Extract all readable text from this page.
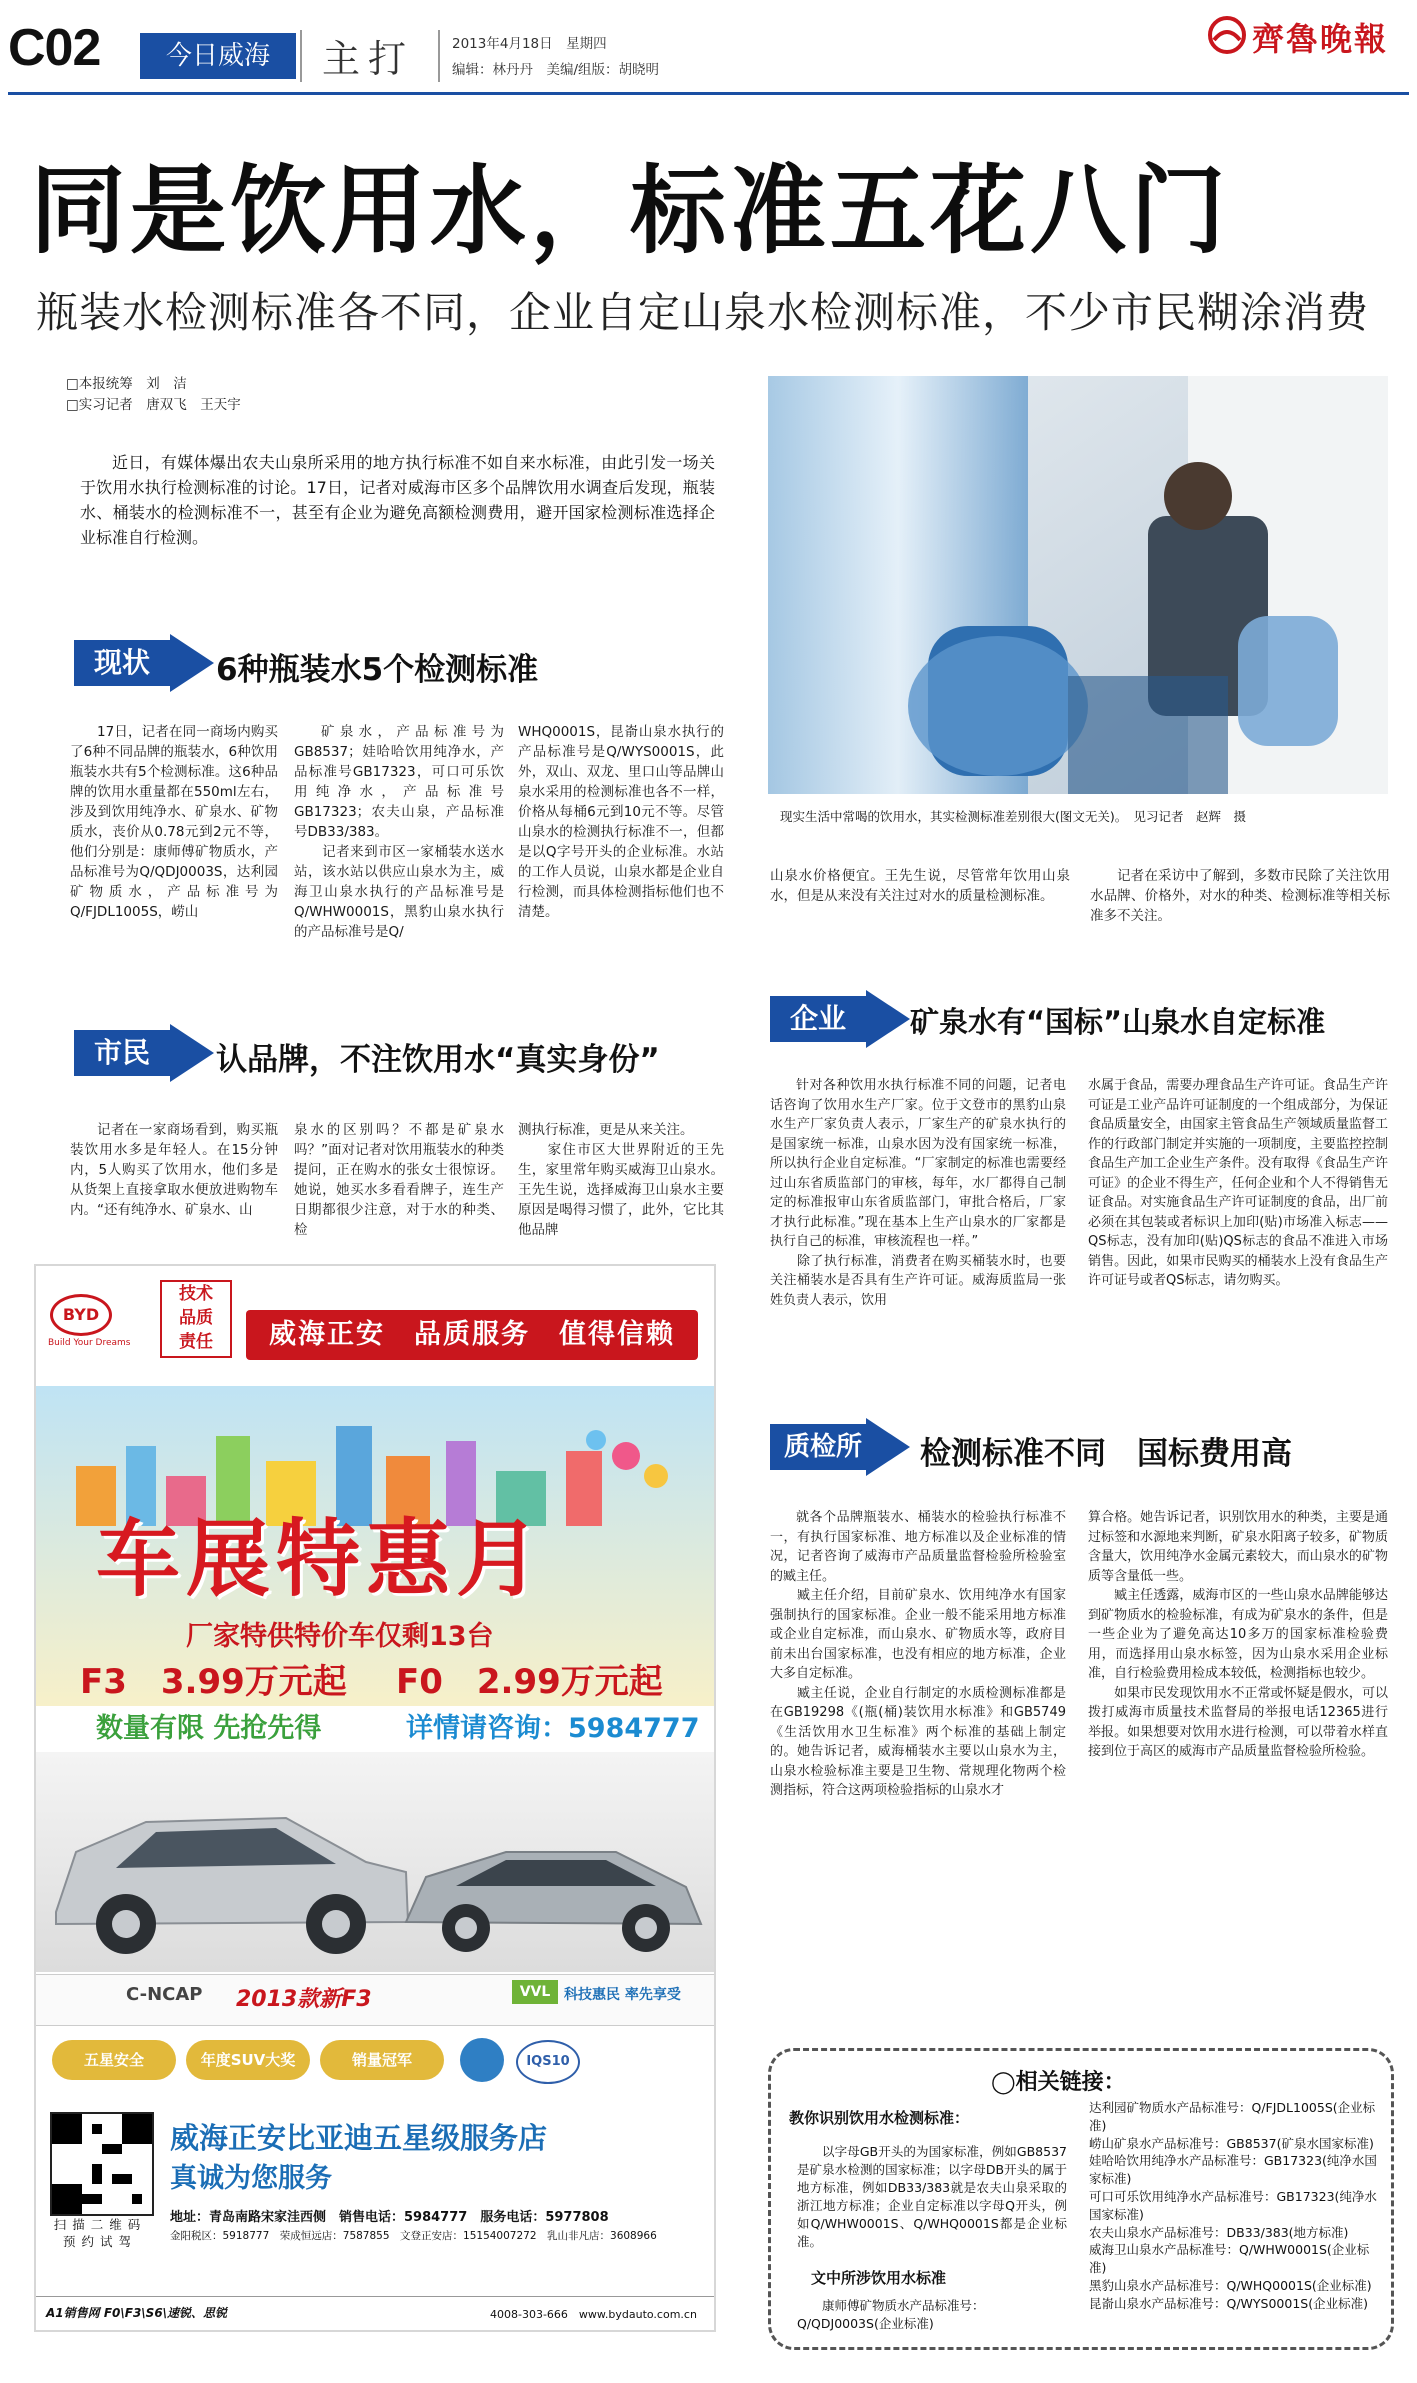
C02	今日威海	主打	2013年4月18日　星期四
编辑：林丹丹　美编/组版：胡晓明
齊魯晚報
同是饮用水，标准五花八门
瓶装水检测标准各不同，企业自定山泉水检测标准，不少市民糊涂消费
□本报统筹　刘　洁
□实习记者　唐双飞　王天宇
近日，有媒体爆出农夫山泉所采用的地方执行标准不如自来水标准，由此引发一场关于饮用水执行检测标准的讨论。17日，记者对威海市区多个品牌饮用水调查后发现，瓶装水、桶装水的检测标准不一，甚至有企业为避免高额检测费用，避开国家检测标准选择企业标准自行检测。
现实生活中常喝的饮用水，其实检测标准差别很大(图文无关)。　见习记者　赵辉　摄
现状 6种瓶装水5个检测标准
17日，记者在同一商场内购买了6种不同品牌的瓶装水，6种饮用瓶装水共有5个检测标准。这6种品牌的饮用水重量都在550ml左右，涉及到饮用纯净水、矿泉水、矿物质水，丧价从0.78元到2元不等，他们分别是：康师傅矿物质水，产品标准号为Q/QDJ0003S，达利园矿物质水，产品标准号为Q/FJDL1005S，崂山
矿泉水，产品标准号为GB8537；娃哈哈饮用纯净水，产品标准号GB17323，可口可乐饮用纯净水，产品标准号GB17323；农夫山泉，产品标准号DB33/383。
　　记者来到市区一家桶装水送水站，该水站以供应山泉水为主，威海卫山泉水执行的产品标准号是Q/WHW0001S，黑豹山泉水执行的产品标准号是Q/
WHQ0001S，昆嵛山泉水执行的产品标准号是Q/WYS0001S，此外，双山、双龙、里口山等品牌山泉水采用的检测标准也各不一样，价格从每桶6元到10元不等。尽管山泉水的检测执行标准不一，但都是以Q字号开头的企业标准。水站的工作人员说，山泉水都是企业自行检测，而具体检测指标他们也不清楚。
市民 认品牌，不注饮用水“真实身份”
记者在一家商场看到，购买瓶装饮用水多是年轻人。在15分钟内，5人购买了饮用水，他们多是从货架上直接拿取水便放进购物车内。“还有纯净水、矿泉水、山
泉水的区别吗？不都是矿泉水吗？”面对记者对饮用瓶装水的种类提问，正在购水的张女士很惊讶。她说，她买水多看看牌子，连生产日期都很少注意，对于水的种类、检
测执行标准，更是从来关注。
　　家住市区大世界附近的王先生，家里常年购买威海卫山泉水。王先生说，选择威海卫山泉水主要原因是喝得习惯了，此外，它比其他品牌
山泉水价格便宜。王先生说，尽管常年饮用山泉水，但是从来没有关注过对水的质量检测标准。
记者在采访中了解到，多数市民除了关注饮用水品牌、价格外，对水的种类、检测标准等相关标准多不关注。
企业 矿泉水有“国标”山泉水自定标准
针对各种饮用水执行标准不同的问题，记者电话咨询了饮用水生产厂家。位于文登市的黑豹山泉水生产厂家负责人表示，厂家生产的矿泉水执行的是国家统一标准，山泉水因为没有国家统一标准，所以执行企业自定标准。“厂家制定的标准也需要经过山东省质监部门的审核，每年，水厂都得自己制定的标准报审山东省质监部门，审批合格后，厂家才执行此标准。”现在基本上生产山泉水的厂家都是执行自己的标准，审核流程也一样。”
　　除了执行标准，消费者在购买桶装水时，也要关注桶装水是否具有生产许可证。威海质监局一张姓负责人表示，饮用
水属于食品，需要办理食品生产许可证。食品生产许可证是工业产品许可证制度的一个组成部分，为保证食品质量安全，由国家主管食品生产领域质量监督工作的行政部门制定并实施的一项制度，主要监控控制食品生产加工企业生产条件。没有取得《食品生产许可证》的企业不得生产，任何企业和个人不得销售无证食品。对实施食品生产许可证制度的食品，出厂前必须在其包装或者标识上加印(贴)市场准入标志——QS标志，没有加印(贴)QS标志的食品不准进入市场销售。因此，如果市民购买的桶装水上没有食品生产许可证号或者QS标志，请勿购买。
质检所 检测标准不同　国标费用高
就各个品牌瓶装水、桶装水的检验执行标准不一，有执行国家标准、地方标准以及企业标准的情况，记者咨询了威海市产品质量监督检验所检验室的臧主任。
　　臧主任介绍，目前矿泉水、饮用纯净水有国家强制执行的国家标准。企业一般不能采用地方标准或企业自定标准，而山泉水、矿物质水等，政府目前未出台国家标准，也没有相应的地方标准，企业大多自定标准。
　　臧主任说，企业自行制定的水质检测标准都是在GB19298《(瓶(桶)装饮用水标准》和GB5749《生活饮用水卫生标准》两个标准的基础上制定的。她告诉记者，威海桶装水主要以山泉水为主，山泉水检验标准主要是卫生物、常规理化物两个检测指标，符合这两项检验指标的山泉水才
算合格。她告诉记者，识别饮用水的种类，主要是通过标签和水源地来判断，矿泉水阳离子较多，矿物质含量大，饮用纯净水金属元素较大，而山泉水的矿物质等含量低一些。
　　臧主任透露，威海市区的一些山泉水品牌能够达到矿物质水的检验标准，有成为矿泉水的条件，但是一些企业为了避免高达10多万的国家标准检验费用，而选择用山泉水标签，因为山泉水采用企业标准，自行检验费用检成本较低，检测指标也较少。
　　如果市民发现饮用水不正常或怀疑是假水，可以拨打威海市质量技术监督局的举报电话12365进行举报。如果想要对饮用水进行检测，可以带着水样直接到位于高区的威海市产品质量监督检验所检验。
◯相关链接：
教你识别饮用水检测标准：
以字母GB开头的为国家标准，例如GB8537是矿泉水检测的国家标准；以字母DB开头的属于地方标准，例如DB33/383就是农夫山泉采取的浙江地方标准；企业自定标准以字母Q开头，例如Q/WHW0001S、Q/WHQ0001S都是企业标准。
文中所涉饮用水标准
康师傅矿物质水产品标准号：Q/QDJ0003S(企业标准)
达利园矿物质水产品标准号：Q/FJDL1005S(企业标准)
崂山矿泉水产品标准号：GB8537(矿泉水国家标准)
娃哈哈饮用纯净水产品标准号：GB17323(纯净水国家标准)
可口可乐饮用纯净水产品标准号：GB17323(纯净水国家标准)
农夫山泉水产品标准号：DB33/383(地方标准)
威海卫山泉水产品标准号：Q/WHW0001S(企业标准)
黑豹山泉水产品标准号：Q/WHQ0001S(企业标准)
昆嵛山泉水产品标准号：Q/WYS0001S(企业标准)
BYD
Build Your Dreams
技术
品质
责任	威海正安　品质服务　值得信赖
车展特惠月
厂家特供特价车仅剩13台
F3　3.99万元起 F0　2.99万元起
数量有限 先抢先得	详情请咨询：5984777
C-NCAP 2013款新F3	VVL 科技惠民 率先享受
五星安全	年度SUV大奖	销量冠军	IQS10
扫描二维码预约试驾
威海正安比亚迪五星级服务店
真诚为您服务
地址：青岛南路宋家洼西侧　销售电话：5984777　服务电话：5977808
金阳税区：5918777　荣成恒远店：7587855　文登正安店：15154007272　乳山非凡店：3608966
A1销售网 F0\F3\S6\速锐、思锐	4008-303-666　www.bydauto.com.cn
